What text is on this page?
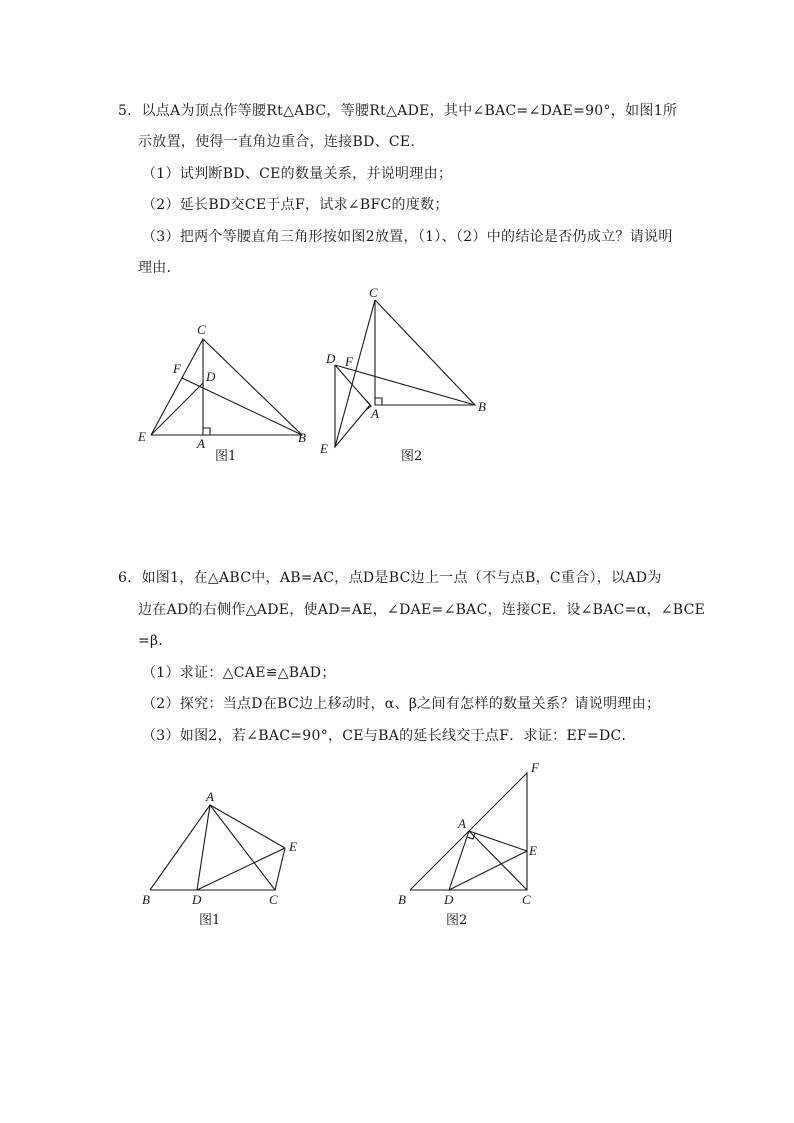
5．以点A为顶点作等腰Rt△ABC，等腰Rt△ADE，其中∠BAC=∠DAE=90°，如图1所

示放置，使得一直角边重合，连接BD、CE．

（1）试判断BD、CE的数量关系，并说明理由；

（2）延长BD交CE于点F，试求∠BFC的度数；

（3）把两个等腰直角三角形按如图2放置，（1）、（2）中的结论是否仍成立？请说明

理由．

C
F
D
E	A	B
图1
C
D F
A	B
E
图2

6．如图1，在△ABC中，AB=AC，点D是BC边上一点（不与点B，C重合），以AD为

边在AD的右侧作△ADE，使AD=AE，∠DAE=∠BAC，连接CE．设∠BAC=α，∠BCE

=β．

（1）求证：△CAE≌△BAD；

（2）探究：当点D在BC边上移动时，α、β之间有怎样的数量关系？请说明理由；

（3）如图2，若∠BAC=90°，CE与BA的延长线交于点F．求证：EF=DC．

A
E
B	D	C
图1
F
A
E
B	D	C
图2
